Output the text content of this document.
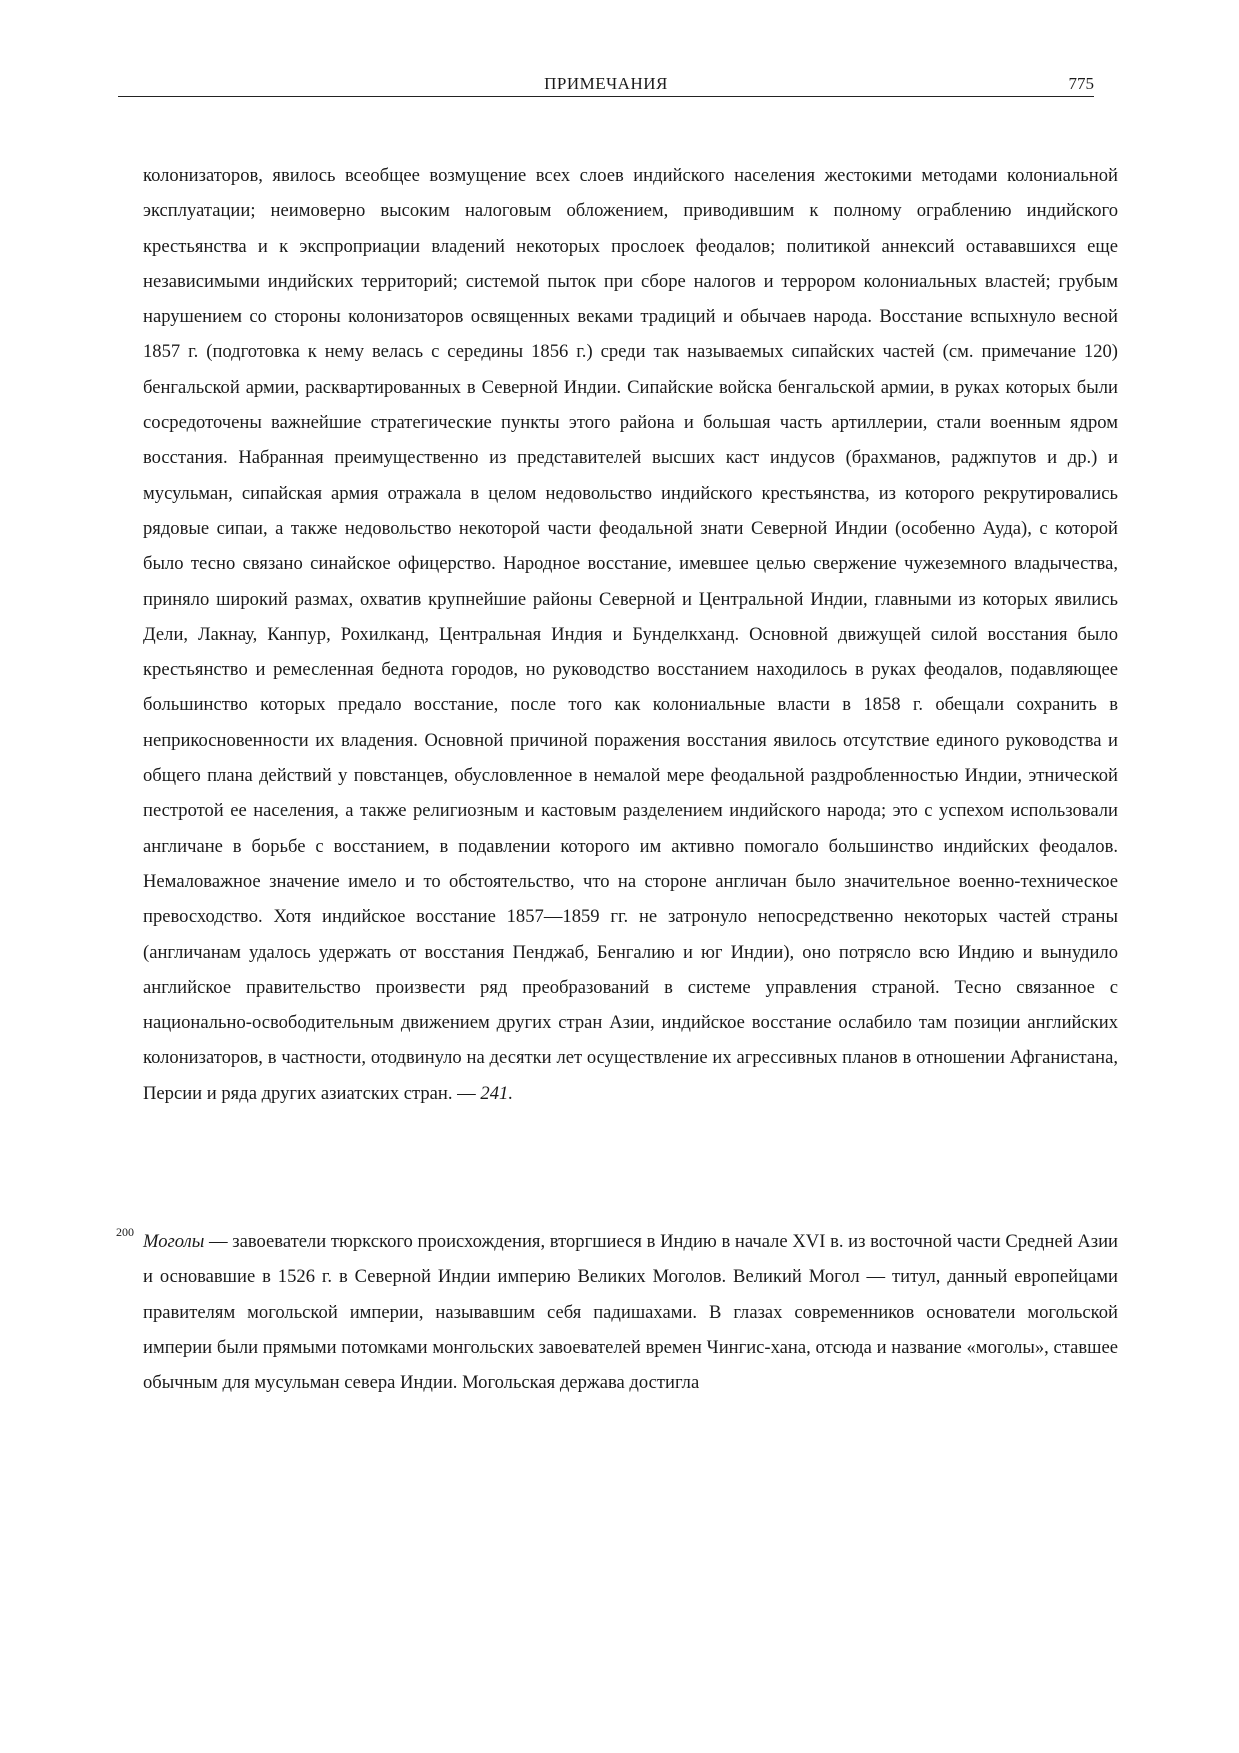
ПРИМЕЧАНИЯ	775

колонизаторов, явилось всеобщее возмущение всех слоев индийского населения жестокими методами колониальной эксплуатации; неимоверно высоким налоговым обложением, приводившим к полному ограблению индийского крестьянства и к экспроприации владений некоторых прослоек феодалов; политикой аннексий остававшихся еще независимыми индийских территорий; системой пыток при сборе налогов и террором колониальных властей; грубым нарушением со стороны колонизаторов освященных веками традиций и обычаев народа. Восстание вспыхнуло весной 1857 г. (подготовка к нему велась с середины 1856 г.) среди так называемых сипайских частей (см. примечание 120) бенгальской армии, расквартированных в Северной Индии. Сипайские войска бенгальской армии, в руках которых были сосредоточены важнейшие стратегические пункты этого района и большая часть артиллерии, стали военным ядром восстания. Набранная преимущественно из представителей высших каст индусов (брахманов, раджпутов и др.) и мусульман, сипайская армия отражала в целом недовольство индийского крестьянства, из которого рекрутировались рядовые сипаи, а также недовольство некоторой части феодальной знати Северной Индии (особенно Ауда), с которой было тесно связано синайское офицерство. Народное восстание, имевшее целью свержение чужеземного владычества, приняло широкий размах, охватив крупнейшие районы Северной и Центральной Индии, главными из которых явились Дели, Лакнау, Канпур, Рохилканд, Центральная Индия и Бунделкханд. Основной движущей силой восстания было крестьянство и ремесленная беднота городов, но руководство восстанием находилось в руках феодалов, подавляющее большинство которых предало восстание, после того как колониальные власти в 1858 г. обещали сохранить в неприкосновенности их владения. Основной причиной поражения восстания явилось отсутствие единого руководства и общего плана действий у повстанцев, обусловленное в немалой мере феодальной раздробленностью Индии, этнической пестротой ее населения, а также религиозным и кастовым разделением индийского народа; это с успехом использовали англичане в борьбе с восстанием, в подавлении которого им активно помогало большинство индийских феодалов. Немаловажное значение имело и то обстоятельство, что на стороне англичан было значительное военно-техническое превосходство. Хотя индийское восстание 1857—1859 гг. не затронуло непосредственно некоторых частей страны (англичанам удалось удержать от восстания Пенджаб, Бенгалию и юг Индии), оно потрясло всю Индию и вынудило английское правительство произвести ряд преобразований в системе управления страной. Тесно связанное с национально-освободительным движением других стран Азии, индийское восстание ослабило там позиции английских колонизаторов, в частности, отодвинуло на десятки лет осуществление их агрессивных планов в отношении Афганистана, Персии и ряда других азиатских стран. — 241.

200 Моголы — завоеватели тюркского происхождения, вторгшиеся в Индию в начале XVI в. из восточной части Средней Азии и основавшие в 1526 г. в Северной Индии империю Великих Моголов. Великий Могол — титул, данный европейцами правителям могольской империи, называвшим себя падишахами. В глазах современников основатели могольской империи были прямыми потомками монгольских завоевателей времен Чингис-хана, отсюда и название «моголы», ставшее обычным для мусульман севера Индии. Могольская держава достигла
